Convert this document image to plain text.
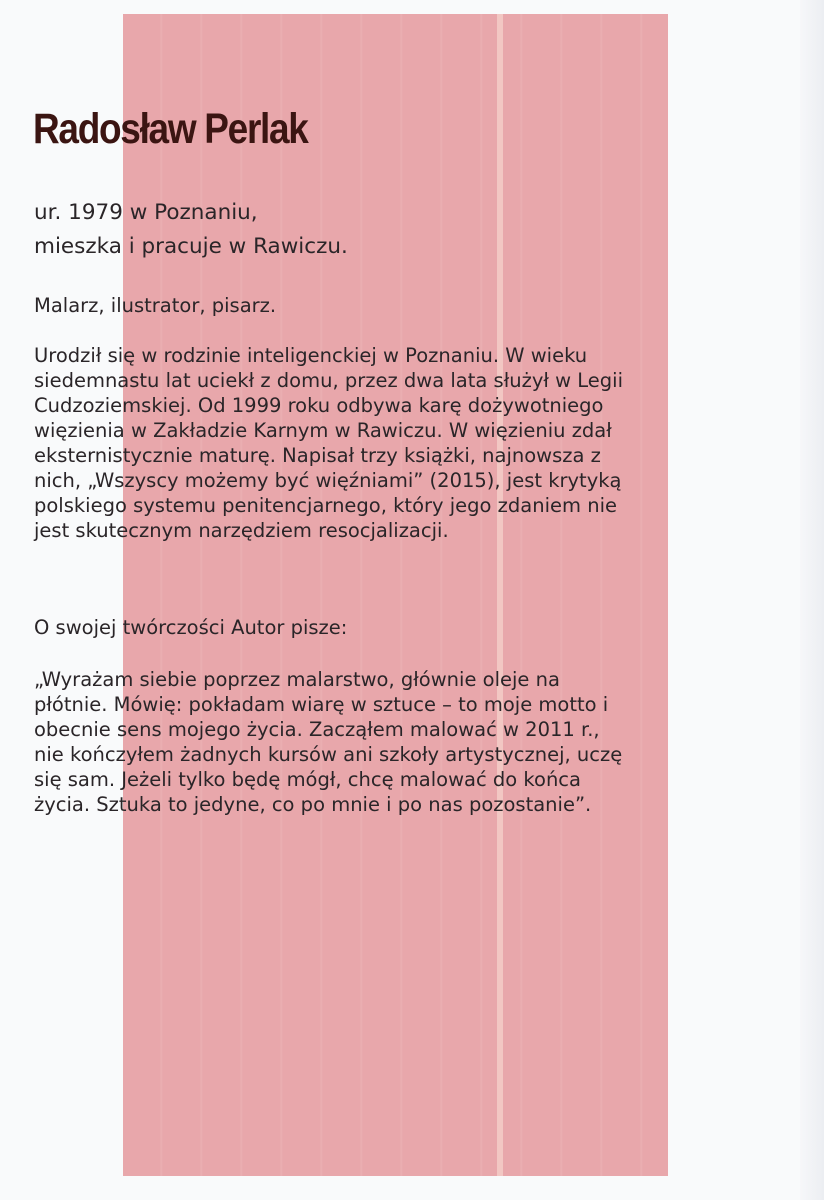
Radosław Perlak
ur. 1979 w Poznaniu,
mieszka i pracuje w Rawiczu.
Malarz, ilustrator, pisarz.
Urodził się w rodzinie inteligenckiej w Poznaniu. W wieku
siedemnastu lat uciekł z domu, przez dwa lata służył w Legii
Cudzoziemskiej. Od 1999 roku odbywa karę dożywotniego
więzienia w Zakładzie Karnym w Rawiczu. W więzieniu zdał
eksternistycznie maturę. Napisał trzy książki, najnowsza z
nich, „Wszyscy możemy być więźniami” (2015), jest krytyką
polskiego systemu penitencjarnego, który jego zdaniem nie
jest skutecznym narzędziem resocjalizacji.
O swojej twórczości Autor pisze:
„Wyrażam siebie poprzez malarstwo, głównie oleje na
płótnie. Mówię: pokładam wiarę w sztuce – to moje motto i
obecnie sens mojego życia. Zacząłem malować w 2011 r.,
nie kończyłem żadnych kursów ani szkoły artystycznej, uczę
się sam. Jeżeli tylko będę mógł, chcę malować do końca
życia. Sztuka to jedyne, co po mnie i po nas pozostanie”.
